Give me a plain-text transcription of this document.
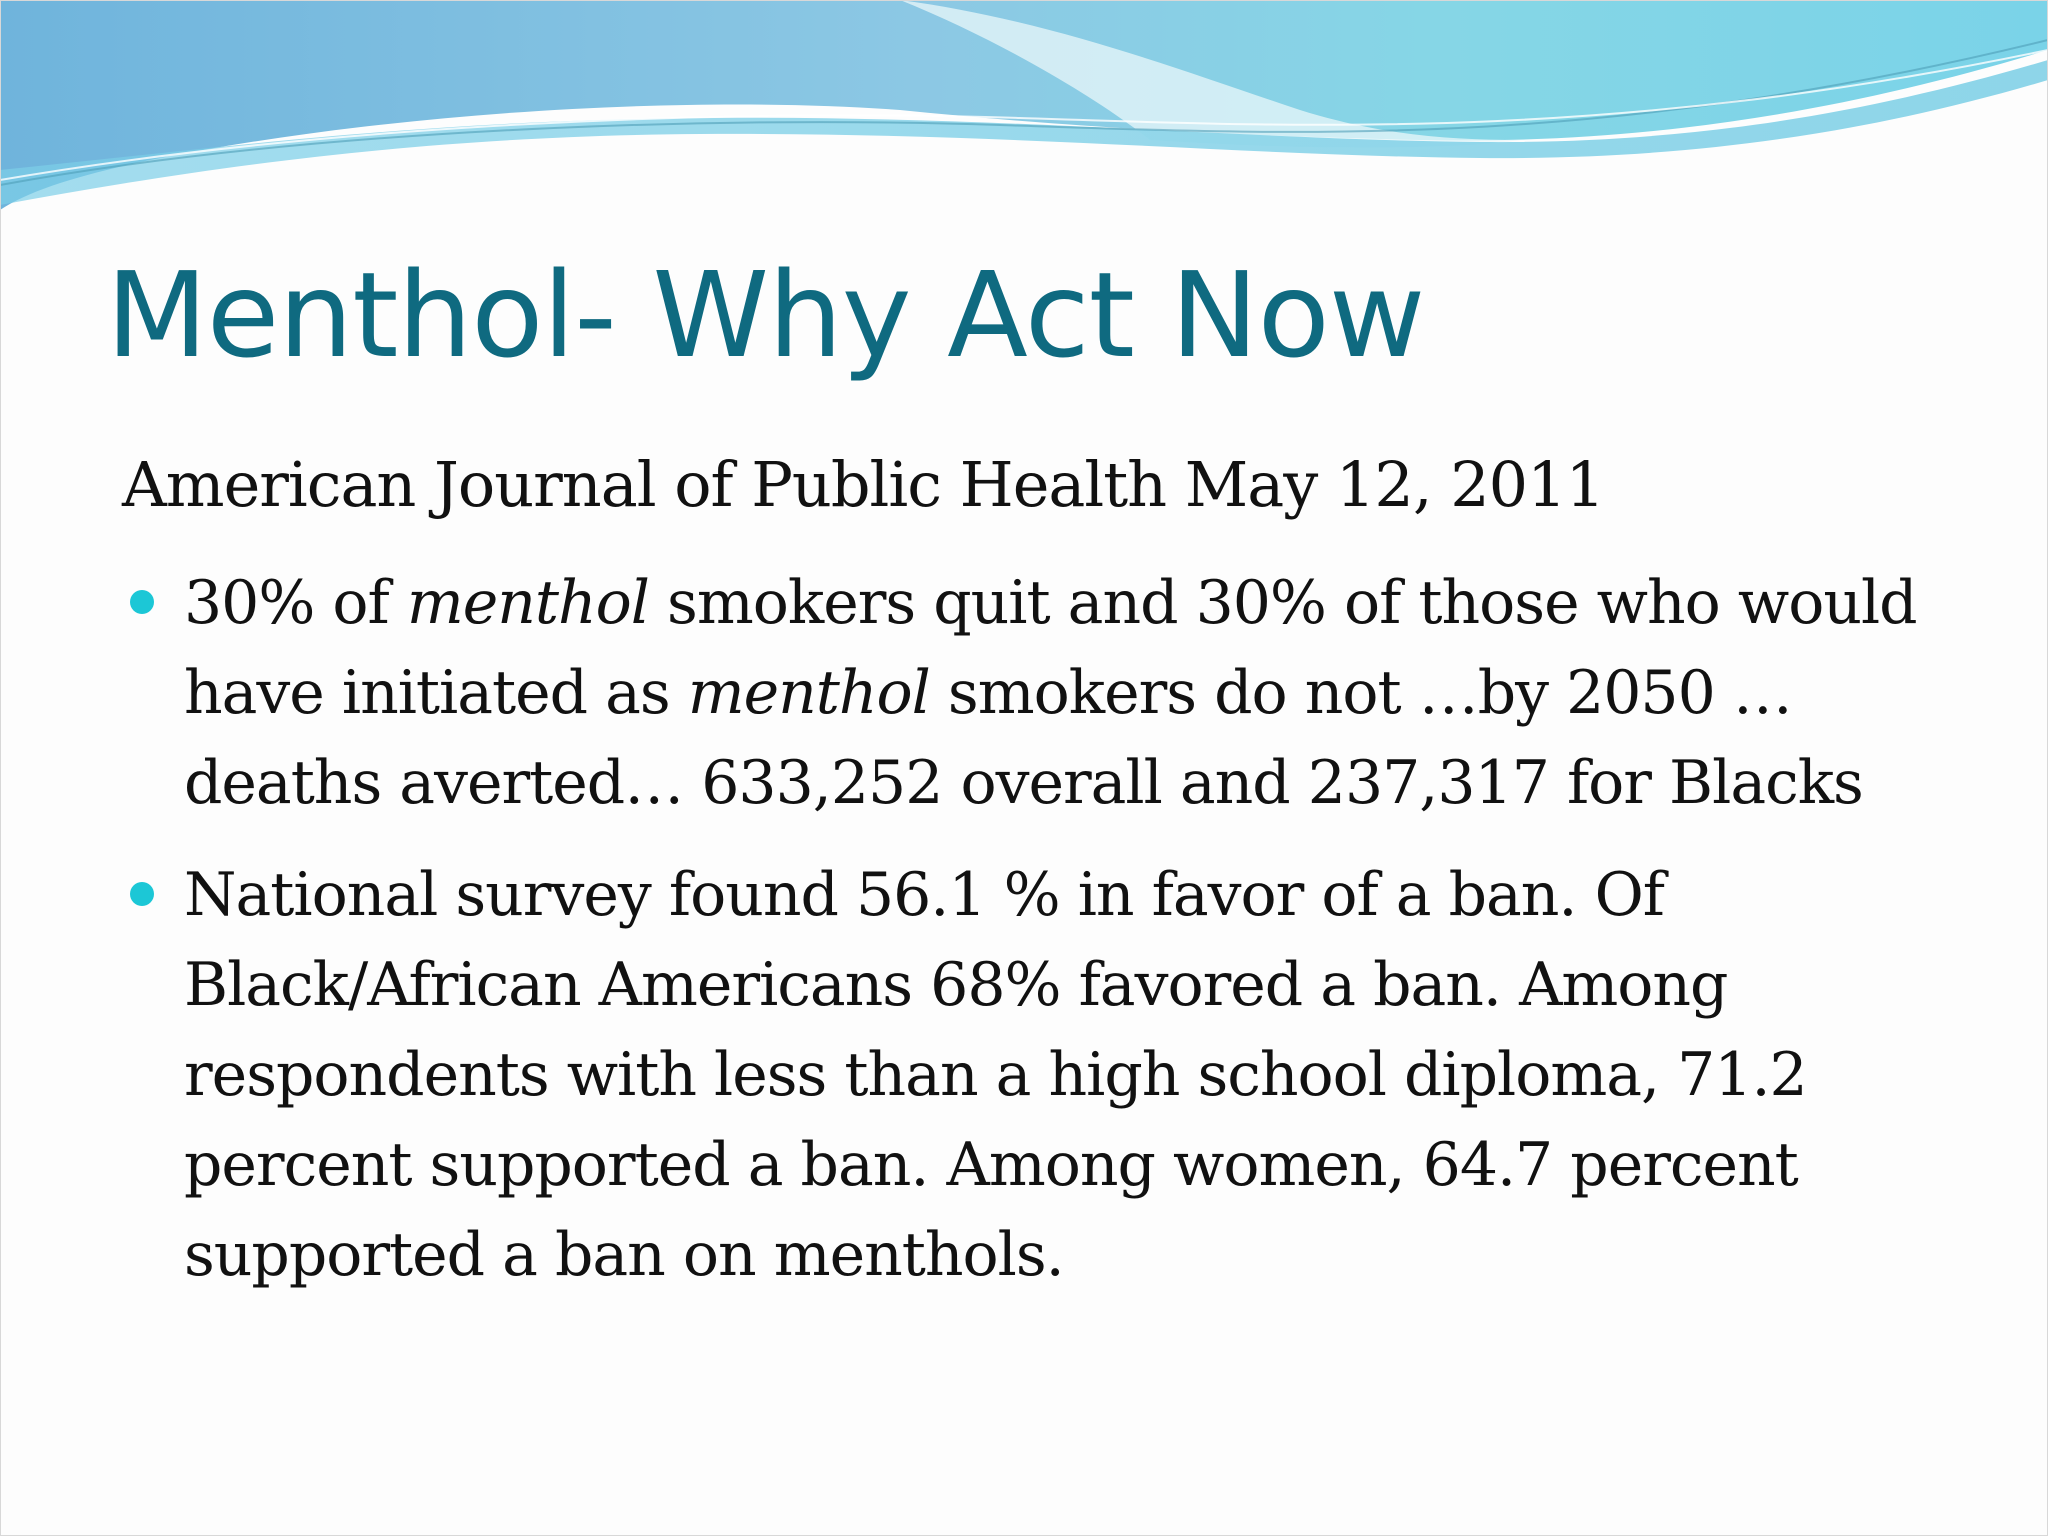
Menthol- Why Act Now

American Journal of Public Health May 12, 2011

30% of menthol smokers quit and 30% of those who would have initiated as menthol smokers do not …by 2050 …deaths averted… 633,252 overall and 237,317 for Blacks
National survey found 56.1 % in favor of a ban. Of Black/African Americans 68% favored a ban. Among respondents with less than a high school diploma, 71.2 percent supported a ban. Among women, 64.7 percent supported a ban on menthols.
